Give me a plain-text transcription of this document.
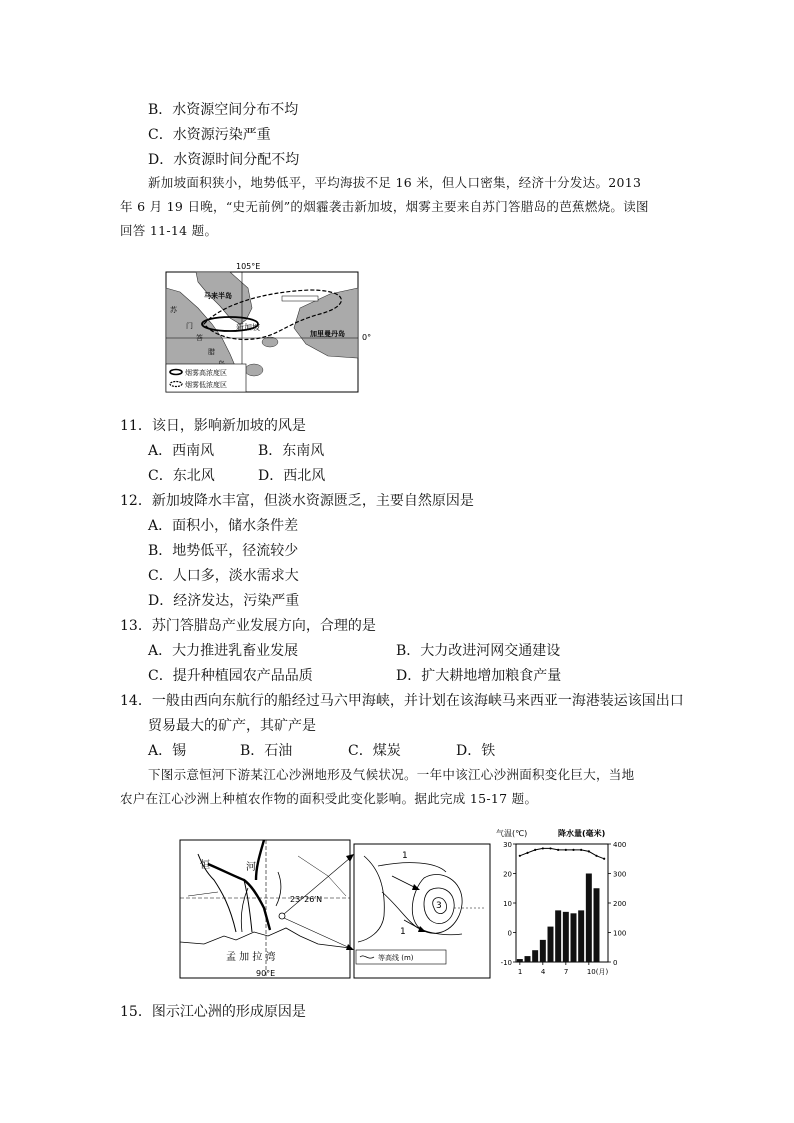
B．水资源空间分布不均
C．水资源污染严重
D．水资源时间分配不均
新加坡面积狭小，地势低平，平均海拔不足 16 米，但人口密集，经济十分发达。2013
年 6 月 19 日晚，“史无前例”的烟霾袭击新加坡，烟雾主要来自苏门答腊岛的芭蕉燃烧。读图
回答 11-14 题。
105°E
0°
马来半岛
苏
门
答
腊
新加坡
加里曼丹岛
烟雾高浓度区
烟雾低浓度区
11．该日，影响新加坡的风是
A．西南风	B．东南风
C．东北风	D．西北风
12．新加坡降水丰富，但淡水资源匮乏，主要自然原因是
A．面积小，储水条件差
B．地势低平，径流较少
C．人口多，淡水需求大
D．经济发达，污染严重
13．苏门答腊岛产业发展方向，合理的是
A．大力推进乳畜业发展	B．大力改进河网交通建设
C．提升种植园农产品品质	D．扩大耕地增加粮食产量
14．一般由西向东航行的船经过马六甲海峡，并计划在该海峡马来西亚一海港装运该国出口
贸易最大的矿产，其矿产是
A．锡	B．石油	C．煤炭	D．铁
下图示意恒河下游某江心沙洲地形及气候状况。一年中该江心沙洲面积变化巨大，当地
农户在江心沙洲上种植农作物的面积受此变化影响。据此完成 15-17 题。
恒	河
23°26′N
孟 加 拉 湾
90°E
1
1
3
等高线 (m)
气温(℃)	降水量(毫米)
30
20
10
0
-10
400
300
200
100
0
1	4	7	10(月)
15．图示江心洲的形成原因是
